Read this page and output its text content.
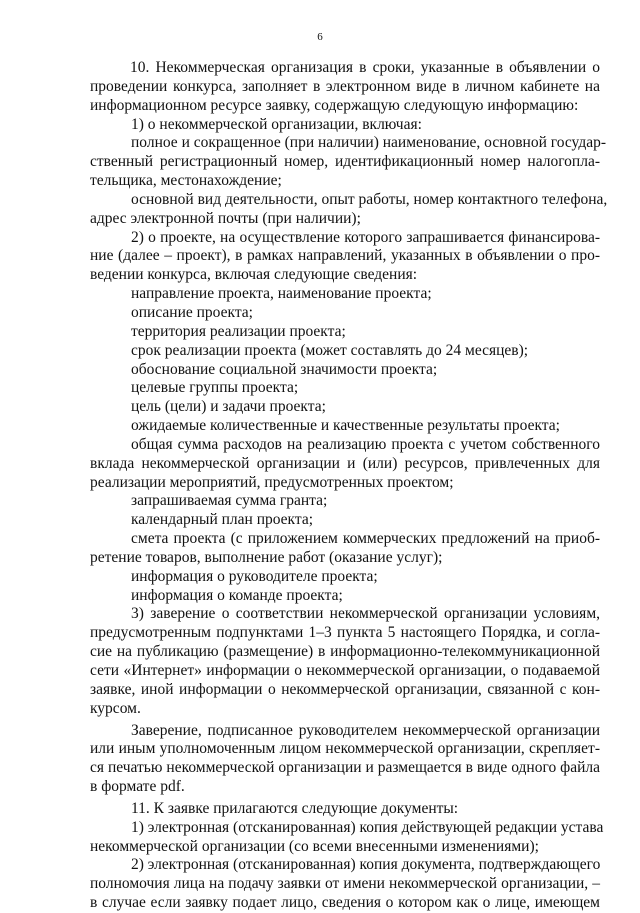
6
10. Некоммерческая организация в сроки, указанные в объявлении о
проведении конкурса, заполняет в электронном виде в личном кабинете на
информационном ресурсе заявку, содержащую следующую информацию:
1) о некоммерческой организации, включая:
полное и сокращенное (при наличии) наименование, основной государ-
ственный регистрационный номер, идентификационный номер налогопла-
тельщика, местонахождение;
основной вид деятельности, опыт работы, номер контактного телефона,
адрес электронной почты (при наличии);
2) о проекте, на осуществление которого запрашивается финансирова-
ние (далее – проект), в рамках направлений, указанных в объявлении о про-
ведении конкурса, включая следующие сведения:
направление проекта, наименование проекта;
описание проекта;
территория реализации проекта;
срок реализации проекта (может составлять до 24 месяцев);
обоснование социальной значимости проекта;
целевые группы проекта;
цель (цели) и задачи проекта;
ожидаемые количественные и качественные результаты проекта;
общая сумма расходов на реализацию проекта с учетом собственного
вклада некоммерческой организации и (или) ресурсов, привлеченных для
реализации мероприятий, предусмотренных проектом;
запрашиваемая сумма гранта;
календарный план проекта;
смета проекта (с приложением коммерческих предложений на приоб-
ретение товаров, выполнение работ (оказание услуг);
информация о руководителе проекта;
информация о команде проекта;
3) заверение о соответствии некоммерческой организации условиям,
предусмотренным подпунктами 1–3 пункта 5 настоящего Порядка, и согла-
сие на публикацию (размещение) в информационно-телекоммуникационной
сети «Интернет» информации о некоммерческой организации, о подаваемой
заявке, иной информации о некоммерческой организации, связанной с кон-
курсом.
Заверение, подписанное руководителем некоммерческой организации
или иным уполномоченным лицом некоммерческой организации, скрепляет-
ся печатью некоммерческой организации и размещается в виде одного файла
в формате pdf.
11. К заявке прилагаются следующие документы:
1) электронная (отсканированная) копия действующей редакции устава
некоммерческой организации (со всеми внесенными изменениями);
2) электронная (отсканированная) копия документа, подтверждающего
полномочия лица на подачу заявки от имени некоммерческой организации, –
в случае если заявку подает лицо, сведения о котором как о лице, имеющем
